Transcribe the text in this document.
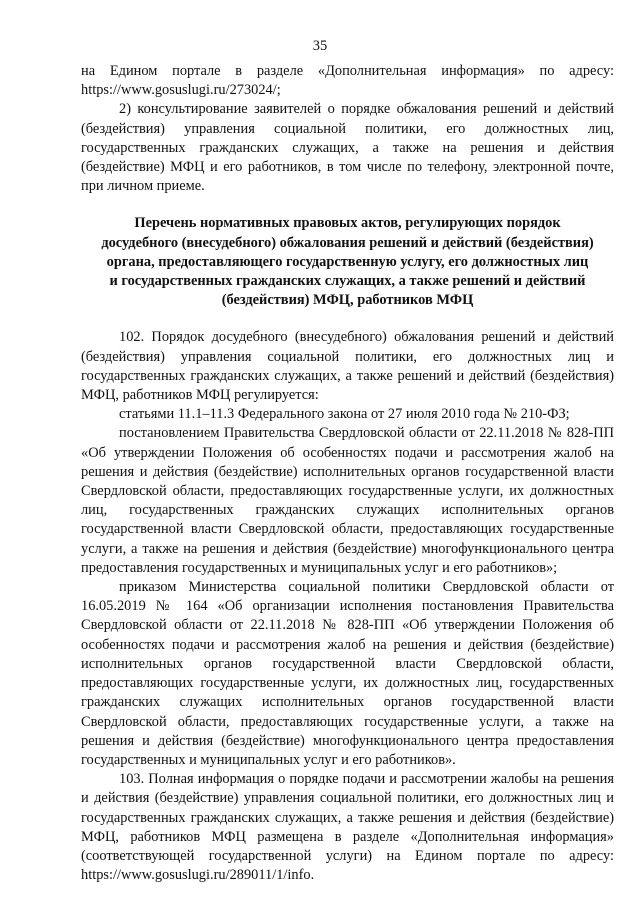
35

на Едином портале в разделе «Дополнительная информация» по адресу: https://www.gosuslugi.ru/273024/;

2) консультирование заявителей о порядке обжалования решений и действий (бездействия) управления социальной политики, его должностных лиц, государственных гражданских служащих, а также на решения и действия (бездействие) МФЦ и его работников, в том числе по телефону, электронной почте, при личном приеме.

Перечень нормативных правовых актов, регулирующих порядок
досудебного (внесудебного) обжалования решений и действий (бездействия)
органа, предоставляющего государственную услугу, его должностных лиц
и государственных гражданских служащих, а также решений и действий
(бездействия) МФЦ, работников МФЦ

102. Порядок досудебного (внесудебного) обжалования решений и действий (бездействия) управления социальной политики, его должностных лиц и государственных гражданских служащих, а также решений и действий (бездействия) МФЦ, работников МФЦ регулируется:

статьями 11.1–11.3 Федерального закона от 27 июля 2010 года № 210-ФЗ;

постановлением Правительства Свердловской области от 22.11.2018 № 828-ПП «Об утверждении Положения об особенностях подачи и рассмотрения жалоб на решения и действия (бездействие) исполнительных органов государственной власти Свердловской области, предоставляющих государственные услуги, их должностных лиц, государственных гражданских служащих исполнительных органов государственной власти Свердловской области, предоставляющих государственные услуги, а также на решения и действия (бездействие) многофункционального центра предоставления государственных и муниципальных услуг и его работников»;

приказом Министерства социальной политики Свердловской области от 16.05.2019 № 164 «Об организации исполнения постановления Правительства Свердловской области от 22.11.2018 № 828-ПП «Об утверждении Положения об особенностях подачи и рассмотрения жалоб на решения и действия (бездействие) исполнительных органов государственной власти Свердловской области, предоставляющих государственные услуги, их должностных лиц, государственных гражданских служащих исполнительных органов государственной власти Свердловской области, предоставляющих государственные услуги, а также на решения и действия (бездействие) многофункционального центра предоставления государственных и муниципальных услуг и его работников».

103. Полная информация о порядке подачи и рассмотрении жалобы на решения и действия (бездействие) управления социальной политики, его должностных лиц и государственных гражданских служащих, а также решения и действия (бездействие) МФЦ, работников МФЦ размещена в разделе «Дополнительная информация» (соответствующей государственной услуги) на Едином портале по адресу: https://www.gosuslugi.ru/289011/1/info.
